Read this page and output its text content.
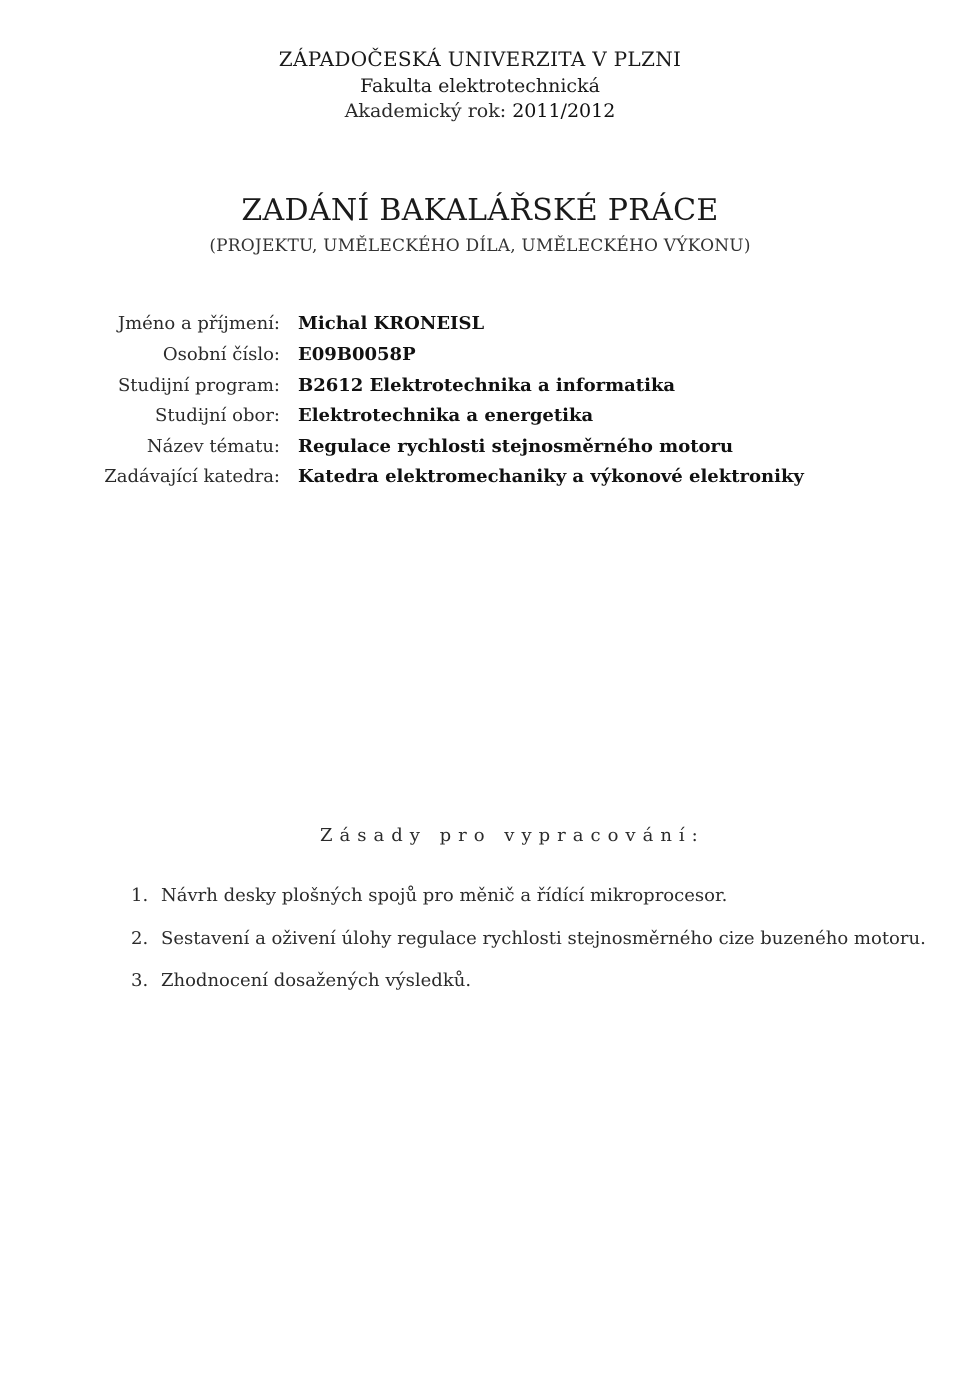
ZÁPADOČESKÁ UNIVERZITA V PLZNI
Fakulta elektrotechnická
Akademický rok: 2011/2012
ZADÁNÍ BAKALÁŘSKÉ PRÁCE
(PROJEKTU, UMĚLECKÉHO DÍLA, UMĚLECKÉHO VÝKONU)
Jméno a příjmení: Michal KRONEISL
Osobní číslo: E09B0058P
Studijní program: B2612 Elektrotechnika a informatika
Studijní obor: Elektrotechnika a energetika
Název tématu: Regulace rychlosti stejnosměrného motoru
Zadávající katedra: Katedra elektromechaniky a výkonové elektroniky
Zásady pro vypracování:
1. Návrh desky plošných spojů pro měnič a řídící mikroprocesor.
2. Sestavení a oživení úlohy regulace rychlosti stejnosměrného cize buzeného motoru.
3. Zhodnocení dosažených výsledků.
